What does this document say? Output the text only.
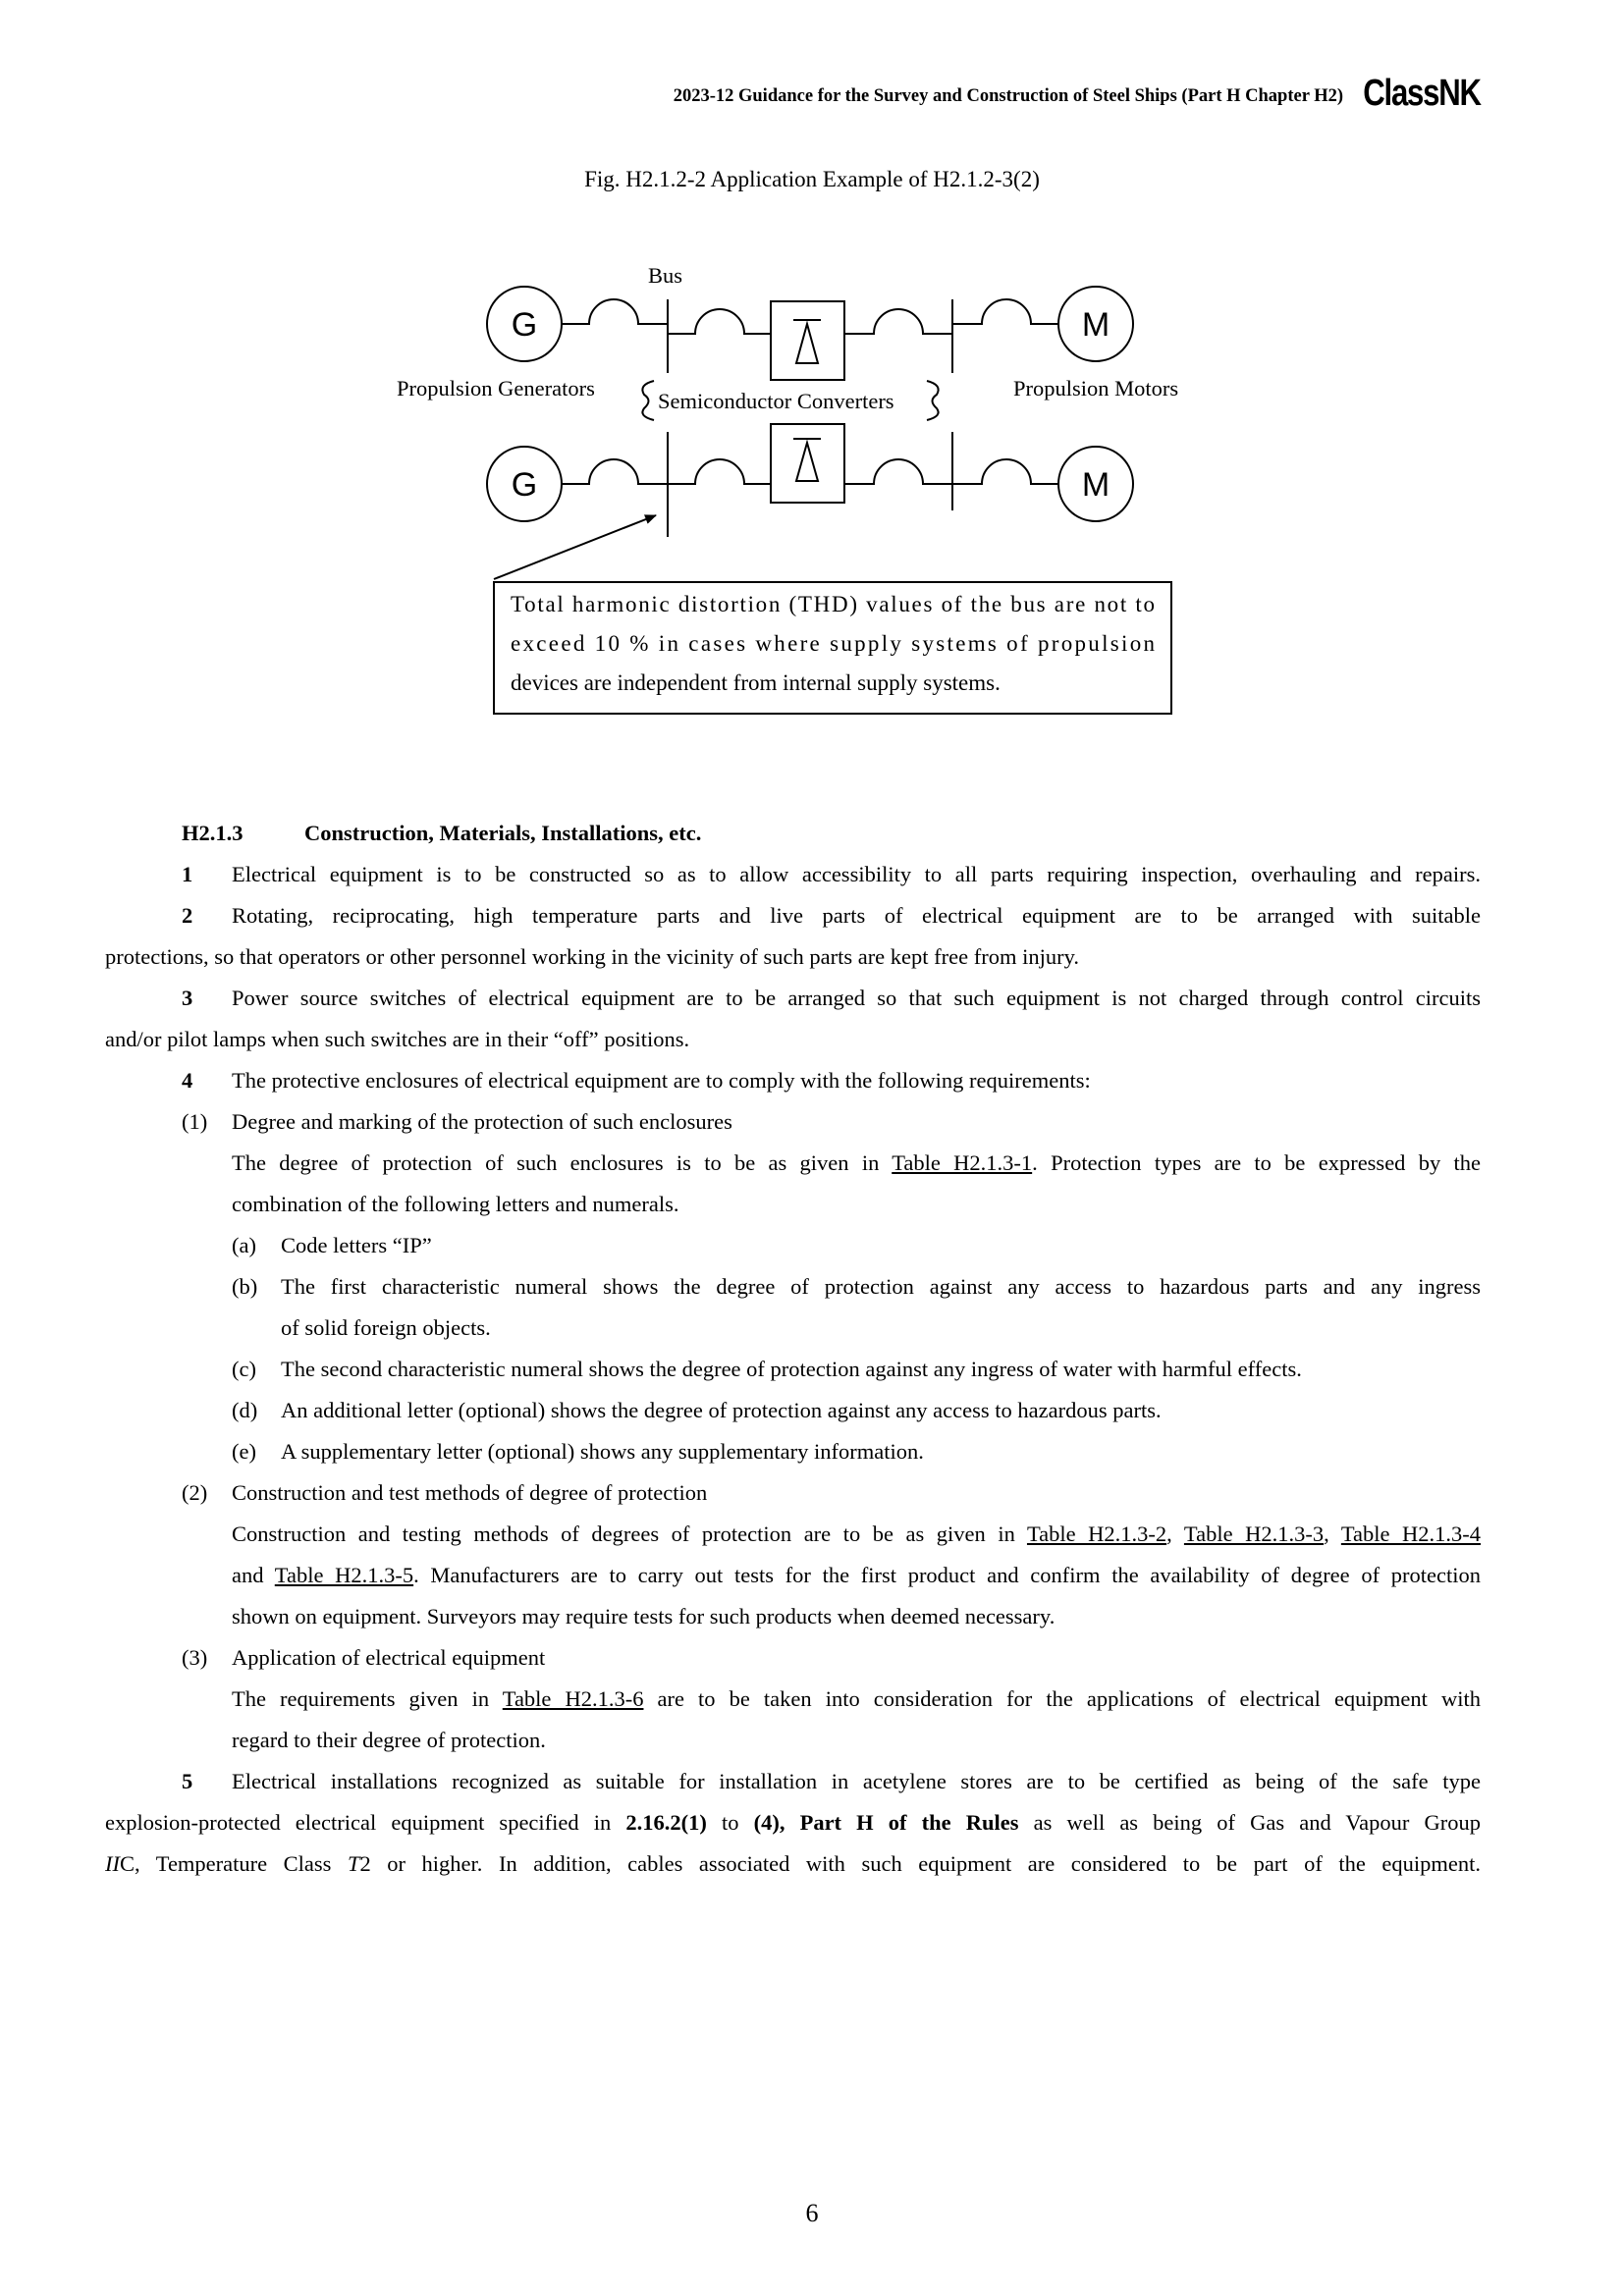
2023-12 Guidance for the Survey and Construction of Steel Ships (Part H Chapter H2) ClassNK
Fig. H2.1.2-2 Application Example of H2.1.2-3(2)
G
G
M
M
Bus
Propulsion Generators
Semiconductor Converters
Propulsion Motors
Total harmonic distortion (THD) values of the bus are not to
exceed 10 % in cases where supply systems of propulsion
devices are independent from internal supply systems.
H2.1.3	Construction, Materials, Installations, etc.
1 Electrical equipment is to be constructed so as to allow accessibility to all parts requiring inspection, overhauling and repairs.
2 Rotating, reciprocating, high temperature parts and live parts of electrical equipment are to be arranged with suitable
protections, so that operators or other personnel working in the vicinity of such parts are kept free from injury.
3 Power source switches of electrical equipment are to be arranged so that such equipment is not charged through control circuits
and/or pilot lamps when such switches are in their “off” positions.
4 The protective enclosures of electrical equipment are to comply with the following requirements:
(1) Degree and marking of the protection of such enclosures
The degree of protection of such enclosures is to be as given in Table H2.1.3-1. Protection types are to be expressed by the
combination of the following letters and numerals.
(a) Code letters “IP”
(b) The first characteristic numeral shows the degree of protection against any access to hazardous parts and any ingress
of solid foreign objects.
(c) The second characteristic numeral shows the degree of protection against any ingress of water with harmful effects.
(d) An additional letter (optional) shows the degree of protection against any access to hazardous parts.
(e) A supplementary letter (optional) shows any supplementary information.
(2) Construction and test methods of degree of protection
Construction and testing methods of degrees of protection are to be as given in Table H2.1.3-2, Table H2.1.3-3, Table H2.1.3-4
and Table H2.1.3-5. Manufacturers are to carry out tests for the first product and confirm the availability of degree of protection
shown on equipment. Surveyors may require tests for such products when deemed necessary.
(3) Application of electrical equipment
The requirements given in Table H2.1.3-6 are to be taken into consideration for the applications of electrical equipment with
regard to their degree of protection.
5 Electrical installations recognized as suitable for installation in acetylene stores are to be certified as being of the safe type
explosion-protected electrical equipment specified in 2.16.2(1) to (4), Part H of the Rules as well as being of Gas and Vapour Group
IIC, Temperature Class T2 or higher. In addition, cables associated with such equipment are considered to be part of the equipment.
6
